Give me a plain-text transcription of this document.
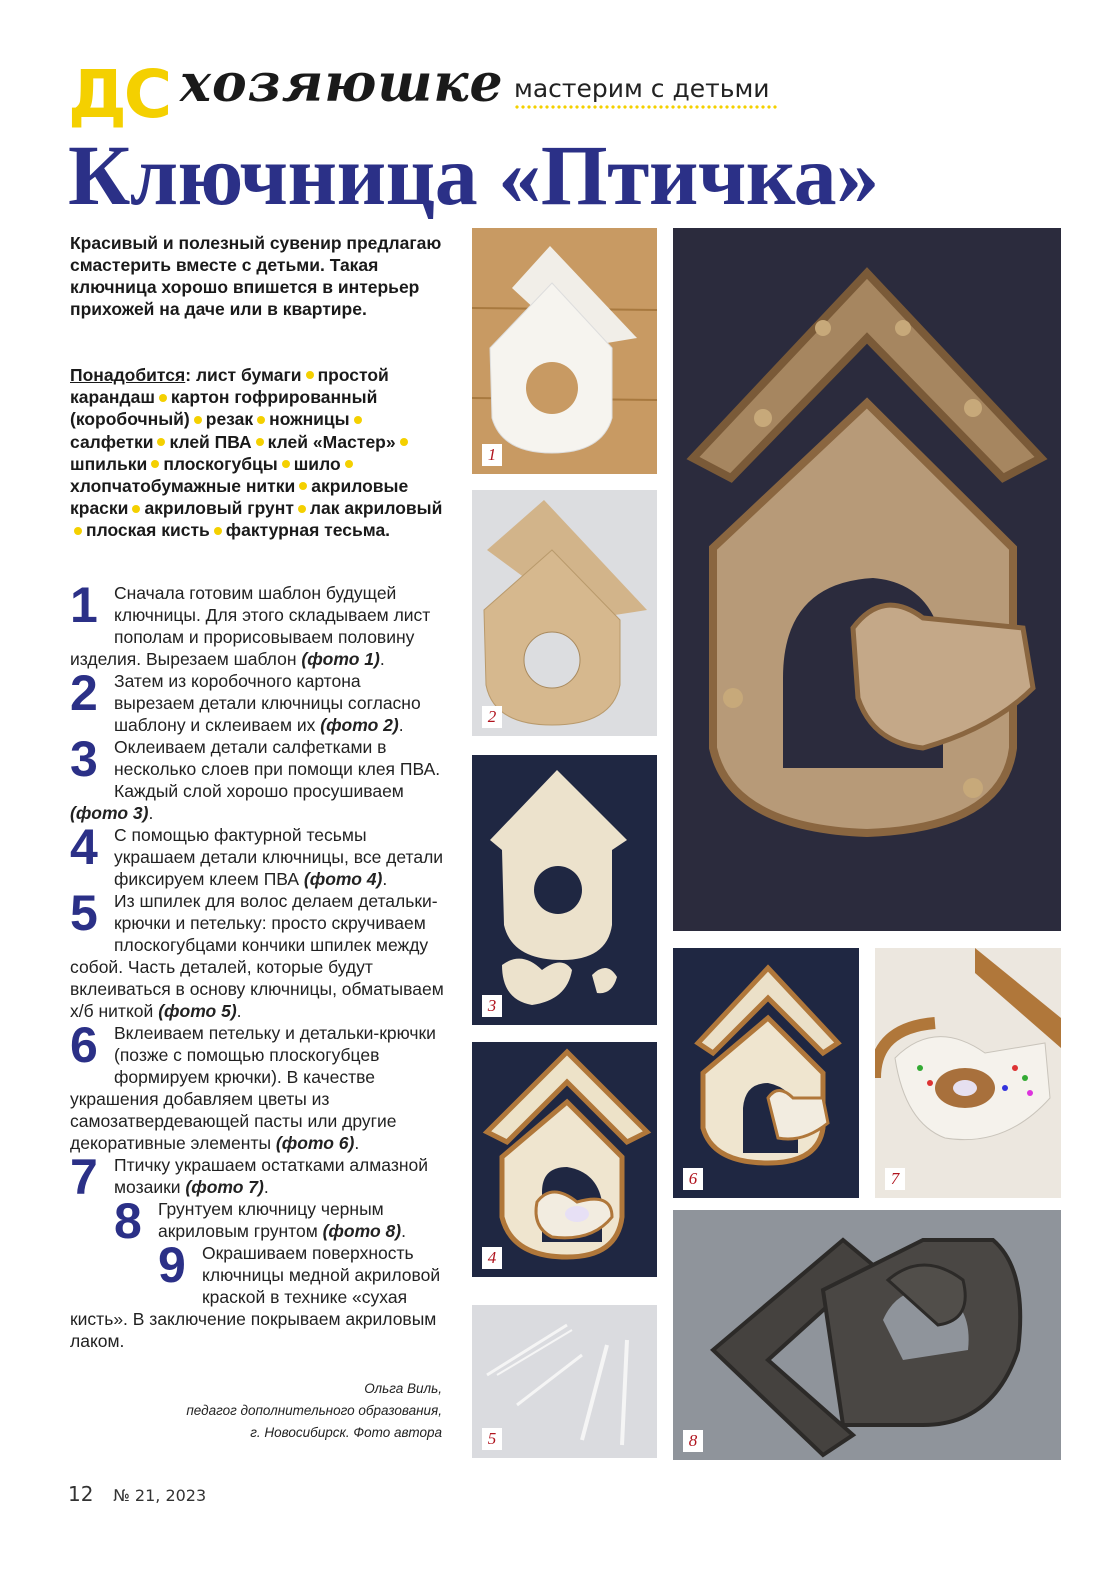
ДС хозяюшке мастерим с детьми
Ключница «Птичка»

Красивый и полезный сувенир предлагаю смастерить вместе с детьми. Такая ключница хорошо впишется в интерьер прихожей на даче или в квартире.

Понадобится: лист бумаги простой карандаш картон гофрированный (коробочный) резак ножницысалфетки клей ПВА клей «Мастер»шпильки плоскогубцы шилохлопчатобумажные нитки акриловые краски акриловый грунт лак акриловыйплоская кисть фактурная тесьма.

1 Сначала готовим шаблон будущей ключницы. Для этого складываем лист пополам и прорисовываем половину изделия. Вырезаем шаблон (фото 1).

2 Затем из коробочного картона вырезаем детали ключницы согласно шаблону и склеиваем их (фото 2).

3 Оклеиваем детали салфетками в несколько слоев при помощи клея ПВА. Каждый слой хорошо просушиваем (фото 3).

4 С помощью фактурной тесьмы украшаем детали ключницы, все детали фиксируем клеем ПВА (фото 4).

5 Из шпилек для волос делаем детальки-крючки и петельку: просто скручиваем плоскогубцами кончики шпилек между собой. Часть деталей, которые будут вклеиваться в основу ключницы, обматываем х/б ниткой (фото 5).

6 Вклеиваем петельку и детальки-крючки (позже с помощью плоскогубцев формируем крючки). В качестве украшения добавляем цветы из самозатвердевающей пасты или другие декоративные элементы (фото 6).

7 Птичку украшаем остатками алмазной мозаики (фото 7).

8 Грунтуем ключницу черным акриловым грунтом (фото 8).

9 Окрашиваем поверхность ключницы медной акриловой краской в технике «сухая кисть». В заключение покрываем акриловым лаком.

Ольга Виль,
педагог дополнительного образования,
г. Новосибирск. Фото автора
12 № 21, 2023
1
2
3
4
5
6	7
8
